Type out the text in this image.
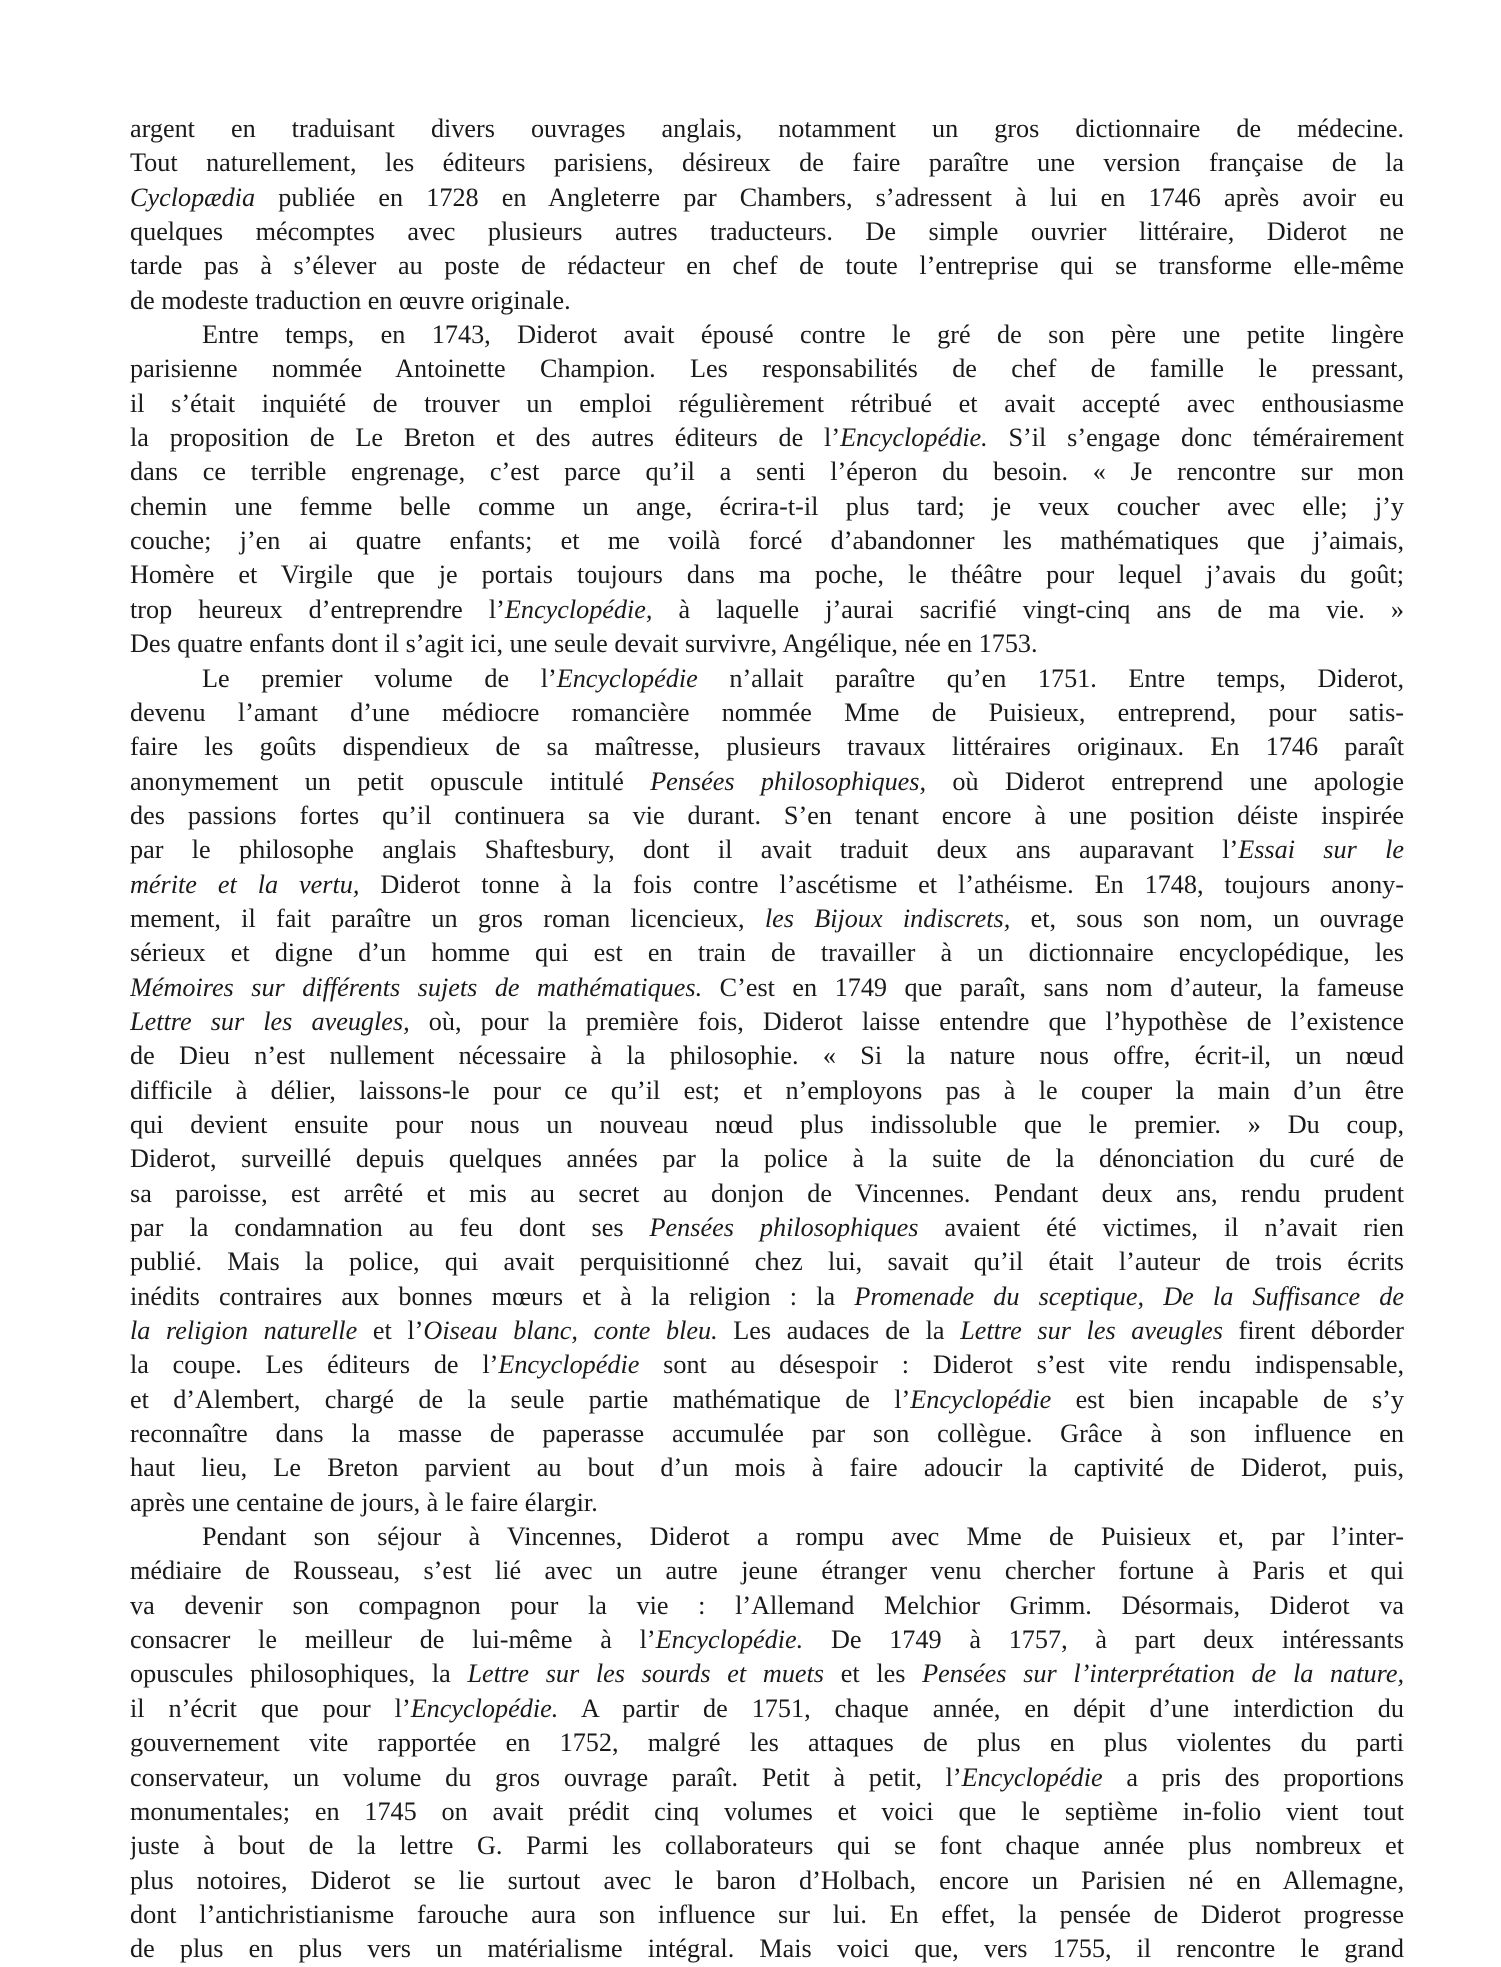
argent en traduisant divers ouvrages anglais, notamment un gros dictionnaire de médecine.
Tout naturellement, les éditeurs parisiens, désireux de faire paraître une version française de la
Cyclopædia publiée en 1728 en Angleterre par Chambers, s’adressent à lui en 1746 après avoir eu
quelques mécomptes avec plusieurs autres traducteurs. De simple ouvrier littéraire, Diderot ne
tarde pas à s’élever au poste de rédacteur en chef de toute l’entreprise qui se transforme elle-même
de modeste traduction en œuvre originale.
Entre temps, en 1743, Diderot avait épousé contre le gré de son père une petite lingère
parisienne nommée Antoinette Champion. Les responsabilités de chef de famille le pressant,
il s’était inquiété de trouver un emploi régulièrement rétribué et avait accepté avec enthousiasme
la proposition de Le Breton et des autres éditeurs de l’Encyclopédie. S’il s’engage donc témérairement
dans ce terrible engrenage, c’est parce qu’il a senti l’éperon du besoin. « Je rencontre sur mon
chemin une femme belle comme un ange, écrira-t-il plus tard; je veux coucher avec elle; j’y
couche; j’en ai quatre enfants; et me voilà forcé d’abandonner les mathématiques que j’aimais,
Homère et Virgile que je portais toujours dans ma poche, le théâtre pour lequel j’avais du goût;
trop heureux d’entreprendre l’Encyclopédie, à laquelle j’aurai sacrifié vingt-cinq ans de ma vie. »
Des quatre enfants dont il s’agit ici, une seule devait survivre, Angélique, née en 1753.
Le premier volume de l’Encyclopédie n’allait paraître qu’en 1751. Entre temps, Diderot,
devenu l’amant d’une médiocre romancière nommée Mme de Puisieux, entreprend, pour satis-
faire les goûts dispendieux de sa maîtresse, plusieurs travaux littéraires originaux. En 1746 paraît
anonymement un petit opuscule intitulé Pensées philosophiques, où Diderot entreprend une apologie
des passions fortes qu’il continuera sa vie durant. S’en tenant encore à une position déiste inspirée
par le philosophe anglais Shaftesbury, dont il avait traduit deux ans auparavant l’Essai sur le
mérite et la vertu, Diderot tonne à la fois contre l’ascétisme et l’athéisme. En 1748, toujours anony-
mement, il fait paraître un gros roman licencieux, les Bijoux indiscrets, et, sous son nom, un ouvrage
sérieux et digne d’un homme qui est en train de travailler à un dictionnaire encyclopédique, les
Mémoires sur différents sujets de mathématiques. C’est en 1749 que paraît, sans nom d’auteur, la fameuse
Lettre sur les aveugles, où, pour la première fois, Diderot laisse entendre que l’hypothèse de l’existence
de Dieu n’est nullement nécessaire à la philosophie. « Si la nature nous offre, écrit-il, un nœud
difficile à délier, laissons-le pour ce qu’il est; et n’employons pas à le couper la main d’un être
qui devient ensuite pour nous un nouveau nœud plus indissoluble que le premier. » Du coup,
Diderot, surveillé depuis quelques années par la police à la suite de la dénonciation du curé de
sa paroisse, est arrêté et mis au secret au donjon de Vincennes. Pendant deux ans, rendu prudent
par la condamnation au feu dont ses Pensées philosophiques avaient été victimes, il n’avait rien
publié. Mais la police, qui avait perquisitionné chez lui, savait qu’il était l’auteur de trois écrits
inédits contraires aux bonnes mœurs et à la religion : la Promenade du sceptique, De la Suffisance de
la religion naturelle et l’Oiseau blanc, conte bleu. Les audaces de la Lettre sur les aveugles firent déborder
la coupe. Les éditeurs de l’Encyclopédie sont au désespoir : Diderot s’est vite rendu indispensable,
et d’Alembert, chargé de la seule partie mathématique de l’Encyclopédie est bien incapable de s’y
reconnaître dans la masse de paperasse accumulée par son collègue. Grâce à son influence en
haut lieu, Le Breton parvient au bout d’un mois à faire adoucir la captivité de Diderot, puis,
après une centaine de jours, à le faire élargir.
Pendant son séjour à Vincennes, Diderot a rompu avec Mme de Puisieux et, par l’inter-
médiaire de Rousseau, s’est lié avec un autre jeune étranger venu chercher fortune à Paris et qui
va devenir son compagnon pour la vie : l’Allemand Melchior Grimm. Désormais, Diderot va
consacrer le meilleur de lui-même à l’Encyclopédie. De 1749 à 1757, à part deux intéressants
opuscules philosophiques, la Lettre sur les sourds et muets et les Pensées sur l’interprétation de la nature,
il n’écrit que pour l’Encyclopédie. A partir de 1751, chaque année, en dépit d’une interdiction du
gouvernement vite rapportée en 1752, malgré les attaques de plus en plus violentes du parti
conservateur, un volume du gros ouvrage paraît. Petit à petit, l’Encyclopédie a pris des proportions
monumentales; en 1745 on avait prédit cinq volumes et voici que le septième in-folio vient tout
juste à bout de la lettre G. Parmi les collaborateurs qui se font chaque année plus nombreux et
plus notoires, Diderot se lie surtout avec le baron d’Holbach, encore un Parisien né en Allemagne,
dont l’antichristianisme farouche aura son influence sur lui. En effet, la pensée de Diderot progresse
de plus en plus vers un matérialisme intégral. Mais voici que, vers 1755, il rencontre le grand
